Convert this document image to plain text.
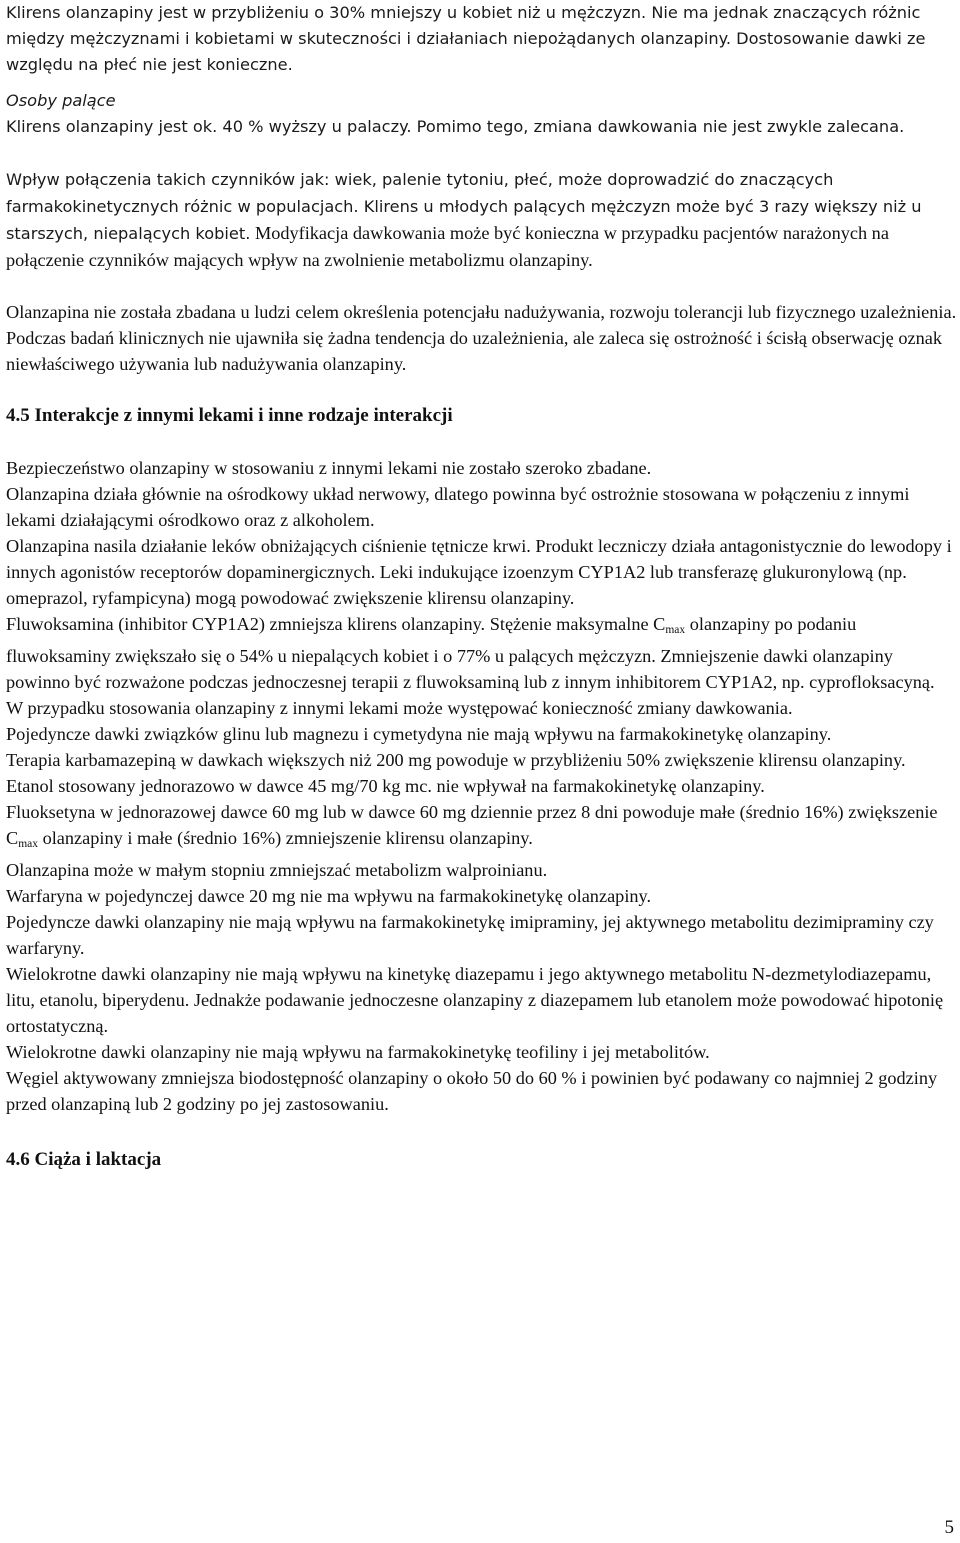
Klirens olanzapiny jest w przybliżeniu o 30% mniejszy u kobiet niż u mężczyzn. Nie ma jednak znaczących różnic między mężczyznami i kobietami w skuteczności i działaniach niepożądanych olanzapiny. Dostosowanie dawki ze względu na płeć nie jest konieczne.

Osoby palące

Klirens olanzapiny jest ok. 40 % wyższy u palaczy. Pomimo tego, zmiana dawkowania nie jest zwykle zalecana.

Wpływ połączenia takich czynników jak: wiek, palenie tytoniu, płeć, może doprowadzić do znaczących farmakokinetycznych różnic w populacjach. Klirens u młodych palących mężczyzn może być 3 razy większy niż u starszych, niepalących kobiet. Modyfikacja dawkowania może być konieczna w przypadku pacjentów narażonych na połączenie czynników mających wpływ na zwolnienie metabolizmu olanzapiny.

Olanzapina nie została zbadana u ludzi celem określenia potencjału nadużywania, rozwoju tolerancji lub fizycznego uzależnienia. Podczas badań klinicznych nie ujawniła się żadna tendencja do uzależnienia, ale zaleca się ostrożność i ścisłą obserwację oznak niewłaściwego używania lub nadużywania olanzapiny.

4.5 Interakcje z innymi lekami i inne rodzaje interakcji

Bezpieczeństwo olanzapiny w stosowaniu z innymi lekami nie zostało szeroko zbadane.

Olanzapina działa głównie na ośrodkowy układ nerwowy, dlatego powinna być ostrożnie stosowana w połączeniu z innymi lekami działającymi ośrodkowo oraz z alkoholem.

Olanzapina nasila działanie leków obniżających ciśnienie tętnicze krwi. Produkt leczniczy działa antagonistycznie do lewodopy i innych agonistów receptorów dopaminergicznych. Leki indukujące izoenzym CYP1A2 lub transferazę glukuronylową (np. omeprazol, ryfampicyna) mogą powodować zwiększenie klirensu olanzapiny.

Fluwoksamina (inhibitor CYP1A2) zmniejsza klirens olanzapiny. Stężenie maksymalne $C_{max}$ olanzapiny po podaniu fluwoksaminy zwiększało się o 54% u niepalących kobiet i o 77% u palących mężczyzn. Zmniejszenie dawki olanzapiny powinno być rozważone podczas jednoczesnej terapii z fluwoksaminą lub z innym inhibitorem CYP1A2, np. cyprofloksacyną.

W przypadku stosowania olanzapiny z innymi lekami może występować konieczność zmiany dawkowania.

Pojedyncze dawki związków glinu lub magnezu i cymetydyna nie mają wpływu na farmakokinetykę olanzapiny.

Terapia karbamazepiną w dawkach większych niż 200 mg powoduje w przybliżeniu 50% zwiększenie klirensu olanzapiny.

Etanol stosowany jednorazowo w dawce 45 mg/70 kg mc. nie wpływał na farmakokinetykę olanzapiny.

Fluoksetyna w jednorazowej dawce 60 mg lub w dawce 60 mg dziennie przez 8 dni powoduje małe (średnio 16%) zwiększenie $C_{max}$ olanzapiny i małe (średnio 16%) zmniejszenie klirensu olanzapiny.

Olanzapina może w małym stopniu zmniejszać metabolizm walproinianu.

Warfaryna w pojedynczej dawce 20 mg nie ma wpływu na farmakokinetykę olanzapiny.

Pojedyncze dawki olanzapiny nie mają wpływu na farmakokinetykę imipraminy, jej aktywnego metabolitu dezimipraminy czy warfaryny.

Wielokrotne dawki olanzapiny nie mają wpływu na kinetykę diazepamu i jego aktywnego metabolitu N-dezmetylodiazepamu, litu, etanolu, biperydenu. Jednakże podawanie jednoczesne olanzapiny z diazepamem lub etanolem może powodować hipotonię ortostatyczną.

Wielokrotne dawki olanzapiny nie mają wpływu na farmakokinetykę teofiliny i jej metabolitów.

Węgiel aktywowany zmniejsza biodostępność olanzapiny o około 50 do 60 % i powinien być podawany co najmniej 2 godziny przed olanzapiną lub 2 godziny po jej zastosowaniu.

4.6 Ciąża i laktacja

5
